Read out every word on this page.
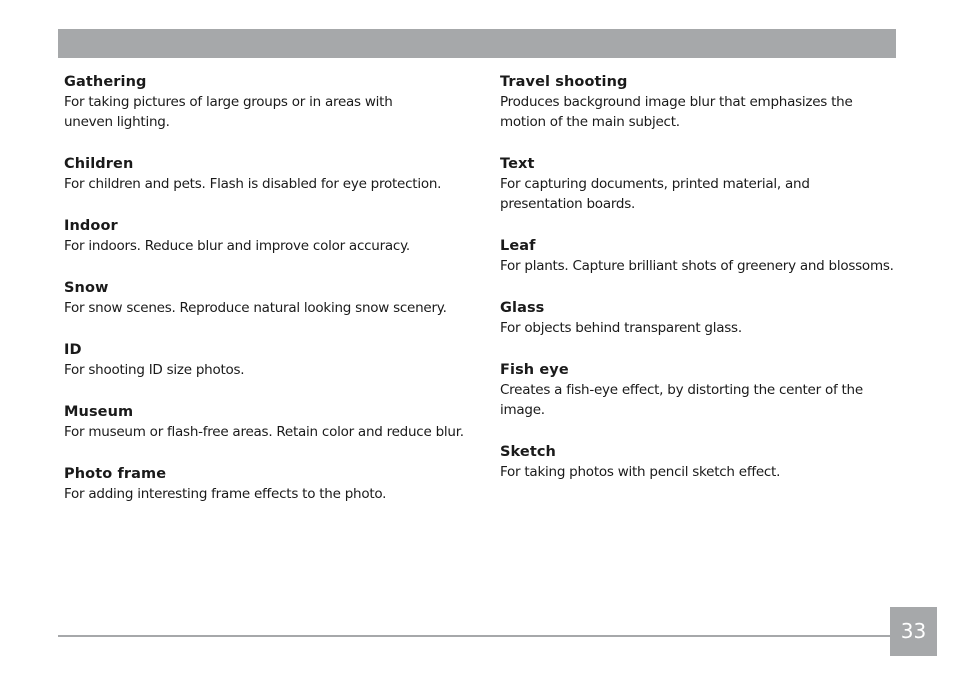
Gathering
For taking pictures of large groups or in areas with uneven lighting.
Children
For children and pets. Flash is disabled for eye protection.
Indoor
For indoors. Reduce blur and improve color accuracy.
Snow
For snow scenes. Reproduce natural looking snow scenery.
ID
For shooting ID size photos.
Museum
For museum or flash-free areas. Retain color and reduce blur.
Photo frame
For adding interesting frame effects to the photo.
Travel shooting
Produces background image blur that emphasizes the motion of the main subject.
Text
For capturing documents, printed material, and presentation boards.
Leaf
For plants. Capture brilliant shots of greenery and blossoms.
Glass
For objects behind transparent glass.
Fish eye
Creates a fish-eye effect, by distorting the center of the image.
Sketch
For taking photos with pencil sketch effect.
33
